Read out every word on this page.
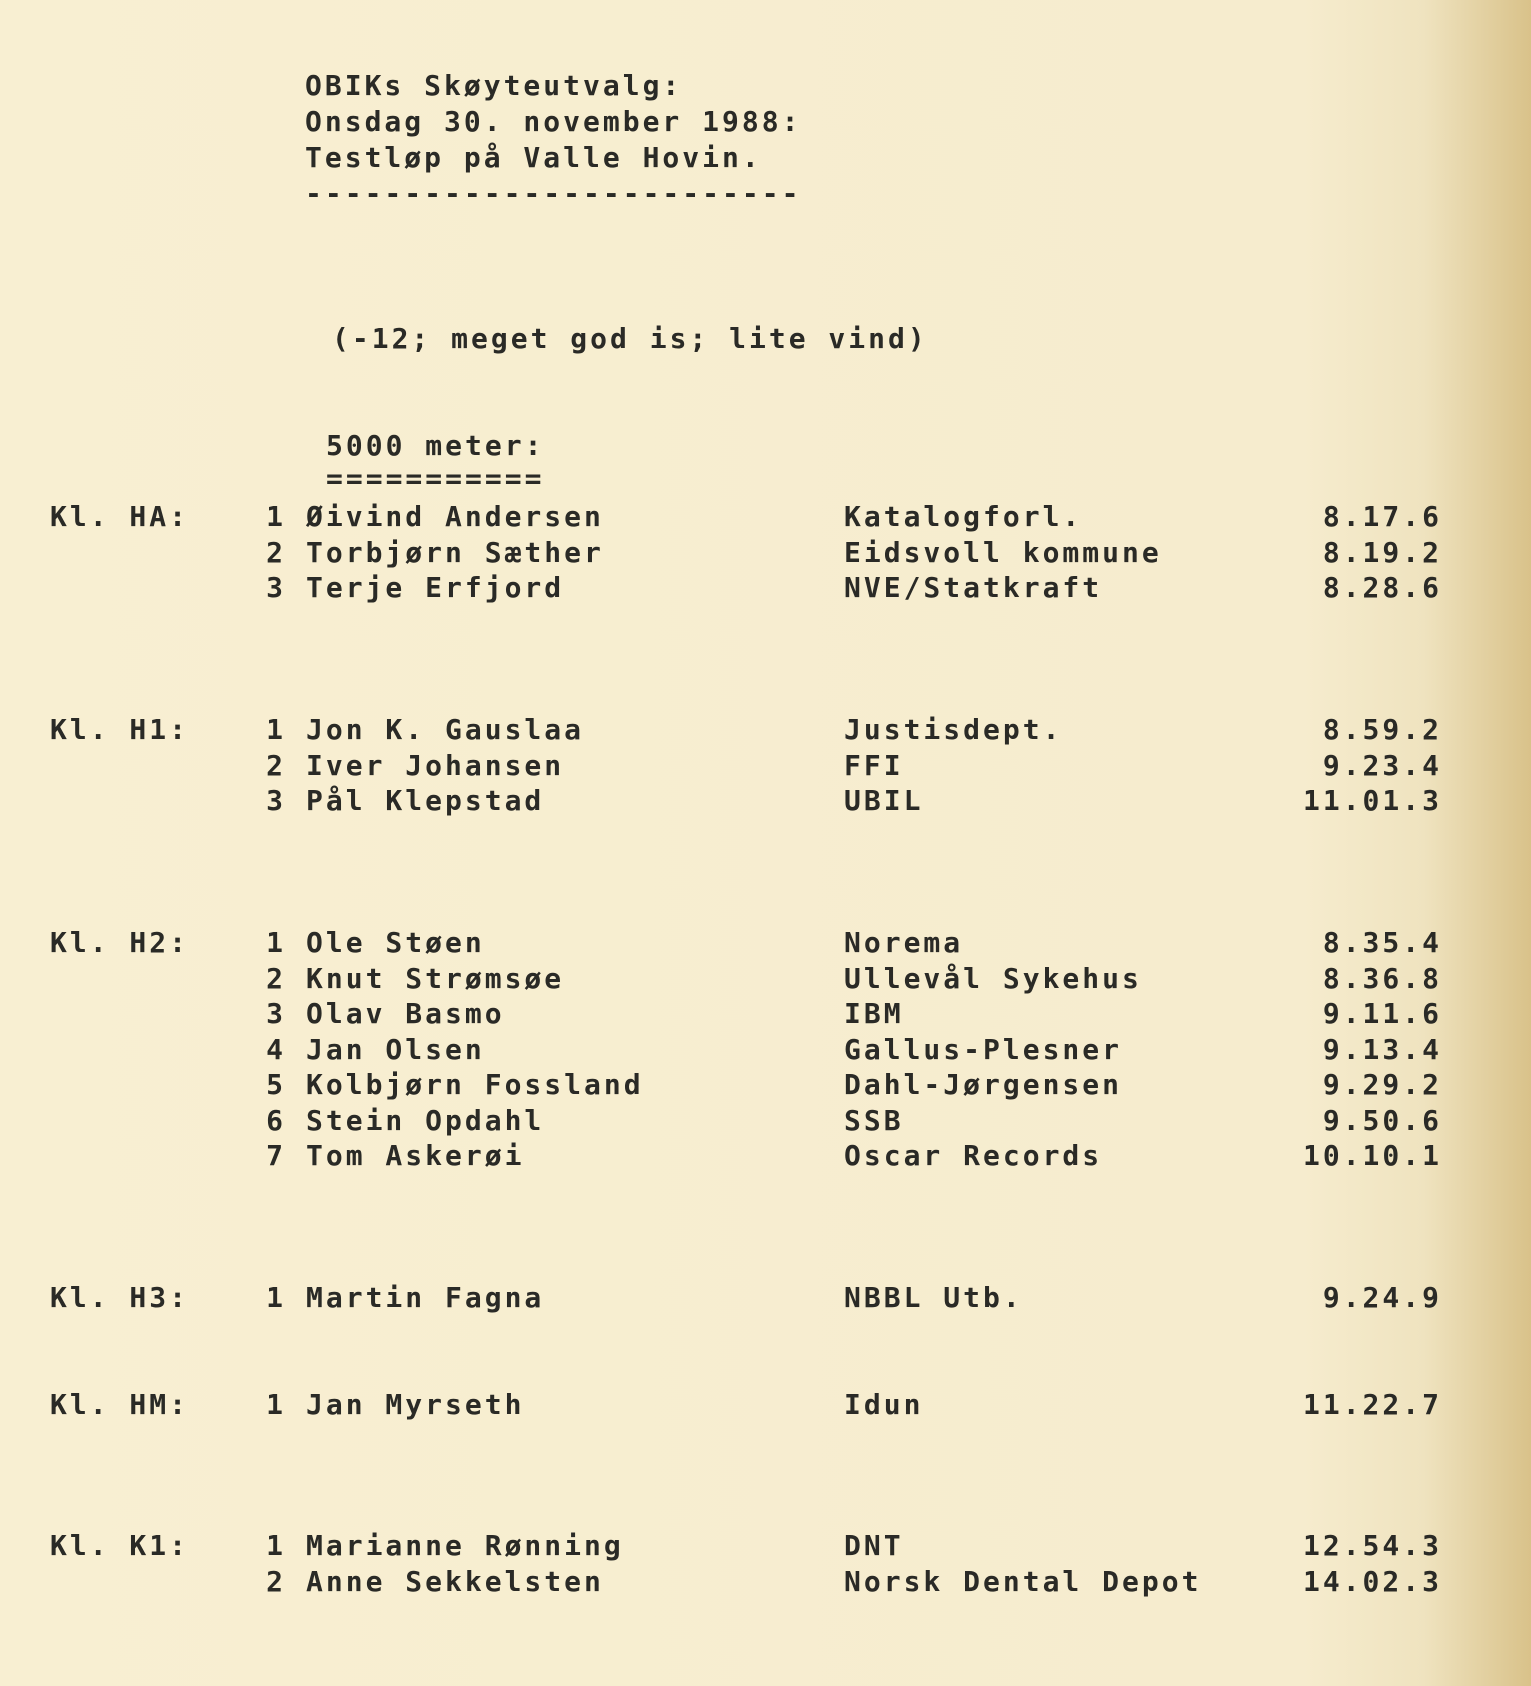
OBIKs Skøyteutvalg:
Onsdag 30. november 1988:
Testløp på Valle Hovin.
-------------------------
(-12; meget god is; lite vind)
5000 meter:
===========
Kl. HA:	1 Øivind Andersen	Katalogforl.	8.17.6
2 Torbjørn Sæther	Eidsvoll kommune	8.19.2
3 Terje Erfjord	NVE/Statkraft	8.28.6
Kl. H1:	1 Jon K. Gauslaa	Justisdept.	8.59.2
2 Iver Johansen	FFI	9.23.4
3 Pål Klepstad	UBIL	11.01.3
Kl. H2:	1 Ole Støen	Norema	8.35.4
2 Knut Strømsøe	Ullevål Sykehus	8.36.8
3 Olav Basmo	IBM	9.11.6
4 Jan Olsen	Gallus-Plesner	9.13.4
5 Kolbjørn Fossland	Dahl-Jørgensen	9.29.2
6 Stein Opdahl	SSB	9.50.6
7 Tom Askerøi	Oscar Records	10.10.1
Kl. H3:	1 Martin Fagna	NBBL Utb.	9.24.9
Kl. HM:	1 Jan Myrseth	Idun	11.22.7
Kl. K1:	1 Marianne Rønning	DNT	12.54.3
2 Anne Sekkelsten	Norsk Dental Depot	14.02.3
